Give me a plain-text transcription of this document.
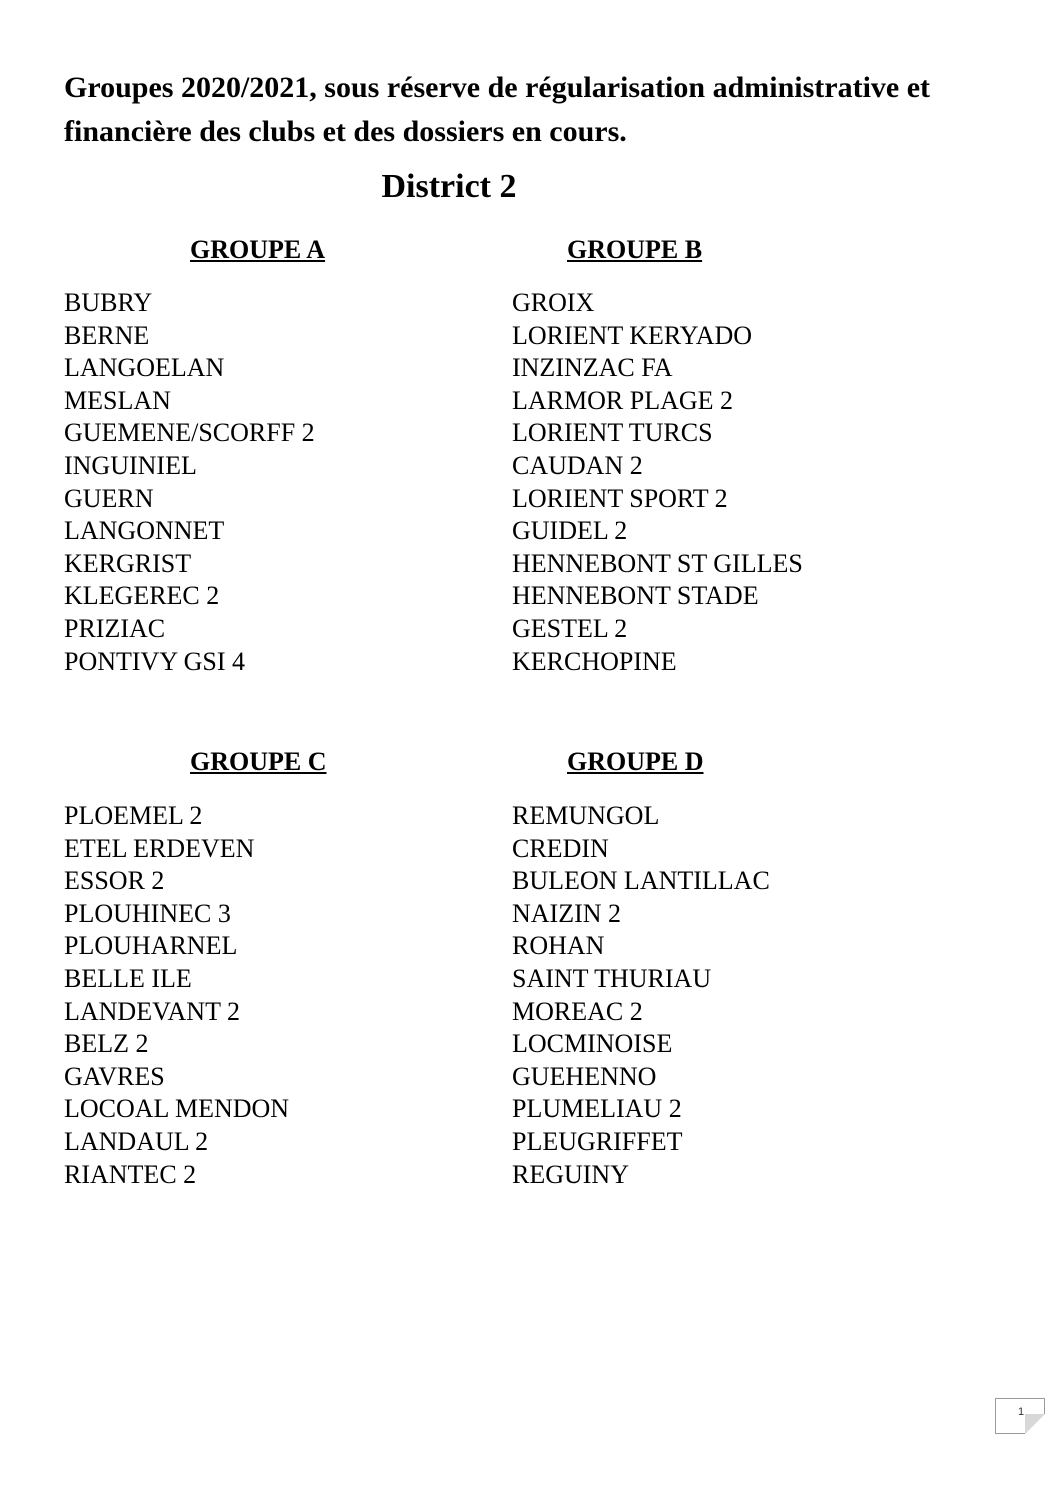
Groupes 2020/2021, sous réserve de régularisation administrative et financière des clubs et des dossiers en cours.

District 2
GROUPE A
BUBRY
BERNE
LANGOELAN
MESLAN
GUEMENE/SCORFF 2
INGUINIEL
GUERN
LANGONNET
KERGRIST
KLEGEREC 2
PRIZIAC
PONTIVY GSI 4
GROUPE B
GROIX
LORIENT KERYADO
INZINZAC FA
LARMOR PLAGE 2
LORIENT TURCS
CAUDAN 2
LORIENT SPORT 2
GUIDEL 2
HENNEBONT ST GILLES
HENNEBONT STADE
GESTEL 2
KERCHOPINE
GROUPE C
PLOEMEL 2
ETEL ERDEVEN
ESSOR 2
PLOUHINEC 3
PLOUHARNEL
BELLE ILE
LANDEVANT 2
BELZ 2
GAVRES
LOCOAL MENDON
LANDAUL 2
RIANTEC 2
GROUPE D
REMUNGOL
CREDIN
BULEON LANTILLAC
NAIZIN 2
ROHAN
SAINT THURIAU
MOREAC 2
LOCMINOISE
GUEHENNO
PLUMELIAU 2
PLEUGRIFFET
REGUINY
1
